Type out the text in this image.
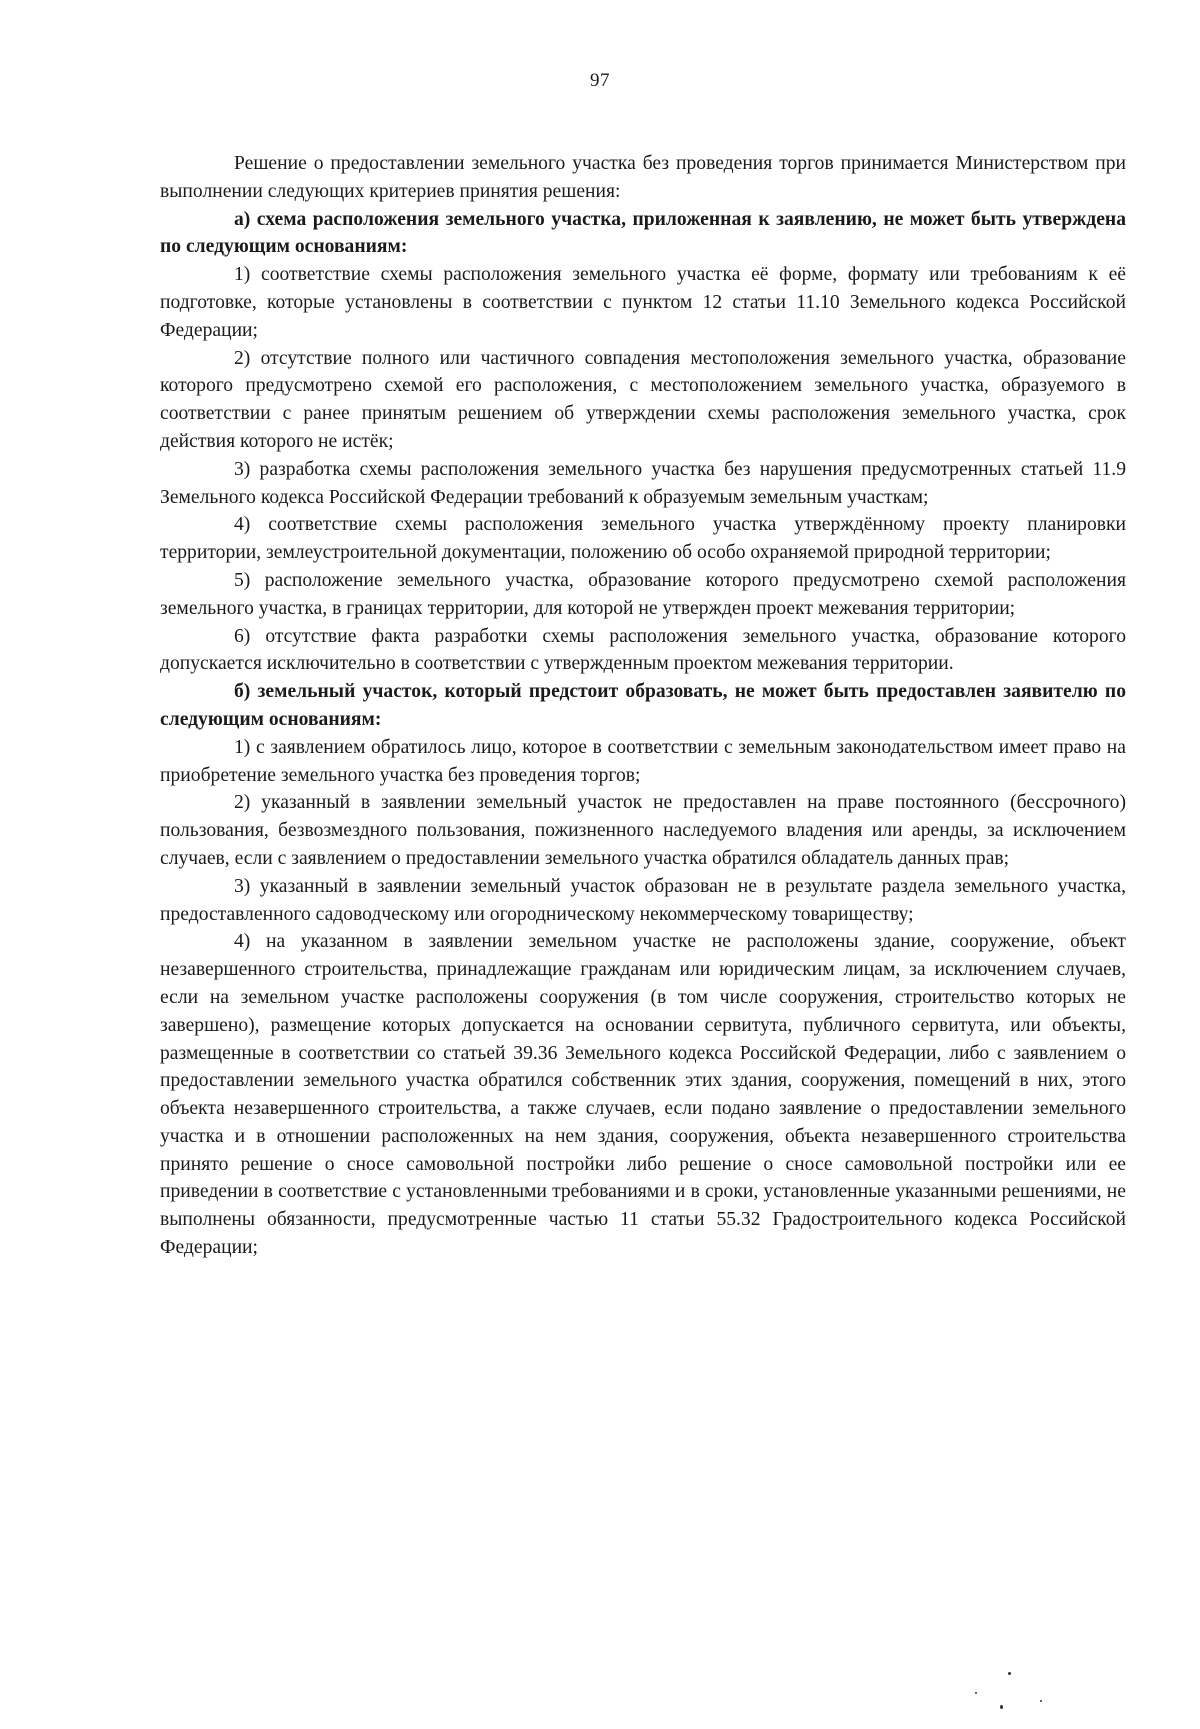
97

Решение о предоставлении земельного участка без проведения торгов принимается Министерством при выполнении следующих критериев принятия решения:

а) схема расположения земельного участка, приложенная к заявлению, не может быть утверждена по следующим основаниям:

1) соответствие схемы расположения земельного участка её форме, формату или требованиям к её подготовке, которые установлены в соответствии с пунктом 12 статьи 11.10 Земельного кодекса Российской Федерации;

2) отсутствие полного или частичного совпадения местоположения земельного участка, образование которого предусмотрено схемой его расположения, с местоположением земельного участка, образуемого в соответствии с ранее принятым решением об утверждении схемы расположения земельного участка, срок действия которого не истёк;

3) разработка схемы расположения земельного участка без нарушения предусмотренных статьей 11.9 Земельного кодекса Российской Федерации требований к образуемым земельным участкам;

4) соответствие схемы расположения земельного участка утверждённому проекту планировки территории, землеустроительной документации, положению об особо охраняемой природной территории;

5) расположение земельного участка, образование которого предусмотрено схемой расположения земельного участка, в границах территории, для которой не утвержден проект межевания территории;

6) отсутствие факта разработки схемы расположения земельного участка, образование которого допускается исключительно в соответствии с утвержденным проектом межевания территории.

б) земельный участок, который предстоит образовать, не может быть предоставлен заявителю по следующим основаниям:

1) с заявлением обратилось лицо, которое в соответствии с земельным законодательством имеет право на приобретение земельного участка без проведения торгов;

2) указанный в заявлении земельный участок не предоставлен на праве постоянного (бессрочного) пользования, безвозмездного пользования, пожизненного наследуемого владения или аренды, за исключением случаев, если с заявлением о предоставлении земельного участка обратился обладатель данных прав;

3) указанный в заявлении земельный участок образован не в результате раздела земельного участка, предоставленного садоводческому или огородническому некоммерческому товариществу;

4) на указанном в заявлении земельном участке не расположены здание, сооружение, объект незавершенного строительства, принадлежащие гражданам или юридическим лицам, за исключением случаев, если на земельном участке расположены сооружения (в том числе сооружения, строительство которых не завершено), размещение которых допускается на основании сервитута, публичного сервитута, или объекты, размещенные в соответствии со статьей 39.36 Земельного кодекса Российской Федерации, либо с заявлением о предоставлении земельного участка обратился собственник этих здания, сооружения, помещений в них, этого объекта незавершенного строительства, а также случаев, если подано заявление о предоставлении земельного участка и в отношении расположенных на нем здания, сооружения, объекта незавершенного строительства принято решение о сносе самовольной постройки либо решение о сносе самовольной постройки или ее приведении в соответствие с установленными требованиями и в сроки, установленные указанными решениями, не выполнены обязанности, предусмотренные частью 11 статьи 55.32 Градостроительного кодекса Российской Федерации;
